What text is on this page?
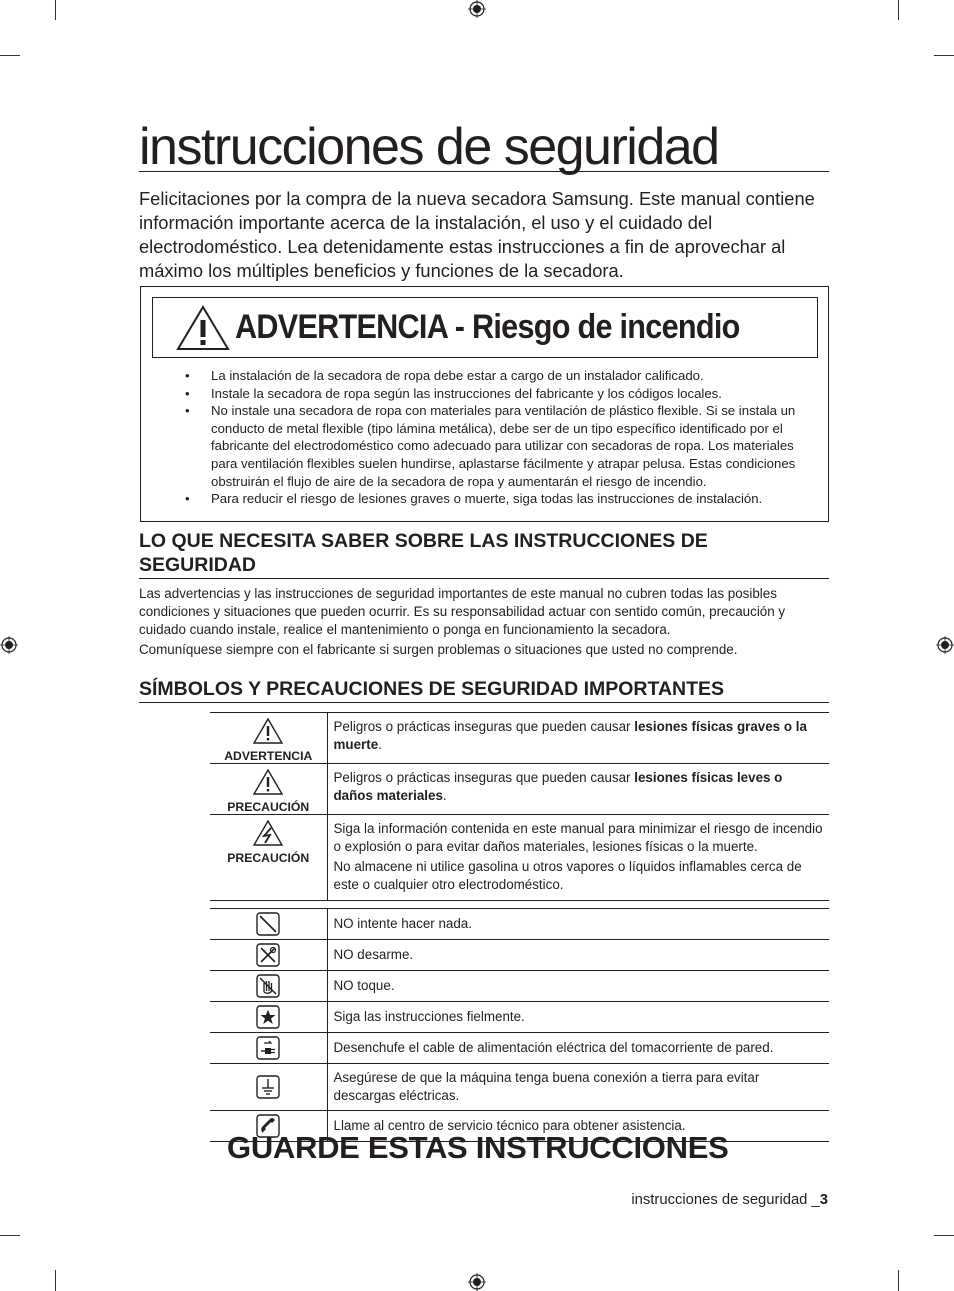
instrucciones de seguridad

Felicitaciones por la compra de la nueva secadora Samsung. Este manual contiene información importante acerca de la instalación, el uso y el cuidado del electrodoméstico. Lea detenidamente estas instrucciones a fin de aprovechar al máximo los múltiples beneficios y funciones de la secadora.

ADVERTENCIA - Riesgo de incendio
• La instalación de la secadora de ropa debe estar a cargo de un instalador calificado.
• Instale la secadora de ropa según las instrucciones del fabricante y los códigos locales.
• No instale una secadora de ropa con materiales para ventilación de plástico flexible. Si se instala un conducto de metal flexible (tipo lámina metálica), debe ser de un tipo específico identificado por el fabricante del electrodoméstico como adecuado para utilizar con secadoras de ropa. Los materiales para ventilación flexibles suelen hundirse, aplastarse fácilmente y atrapar pelusa. Estas condiciones obstruirán el flujo de aire de la secadora de ropa y aumentarán el riesgo de incendio.
• Para reducir el riesgo de lesiones graves o muerte, siga todas las instrucciones de instalación.
LO QUE NECESITA SABER SOBRE LAS INSTRUCCIONES DE SEGURIDAD

Las advertencias y las instrucciones de seguridad importantes de este manual no cubren todas las posibles condiciones y situaciones que pueden ocurrir. Es su responsabilidad actuar con sentido común, precaución y cuidado cuando instale, realice el mantenimiento o ponga en funcionamiento la secadora.

Comuníquese siempre con el fabricante si surgen problemas o situaciones que usted no comprende.

SÍMBOLOS Y PRECAUCIONES DE SEGURIDAD IMPORTANTES
ADVERTENCIA	Peligros o prácticas inseguras que pueden causar lesiones físicas graves o la muerte.

PRECAUCIÓN	Peligros o prácticas inseguras que pueden causar lesiones físicas leves o daños materiales.

PRECAUCIÓN	Siga la información contenida en este manual para minimizar el riesgo de incendio o explosión o para evitar daños materiales, lesiones físicas o la muerte.
No almacene ni utilice gasolina u otros vapores o líquidos inflamables cerca de este o cualquier otro electrodoméstico.
	NO intente hacer nada.
	NO desarme.
	NO toque.
	Siga las instrucciones fielmente.
	Desenchufe el cable de alimentación eléctrica del tomacorriente de pared.
	Asegúrese de que la máquina tenga buena conexión a tierra para evitar descargas eléctricas.
	Llame al centro de servicio técnico para obtener asistencia.
GUARDE ESTAS INSTRUCCIONES
instrucciones de seguridad _3
